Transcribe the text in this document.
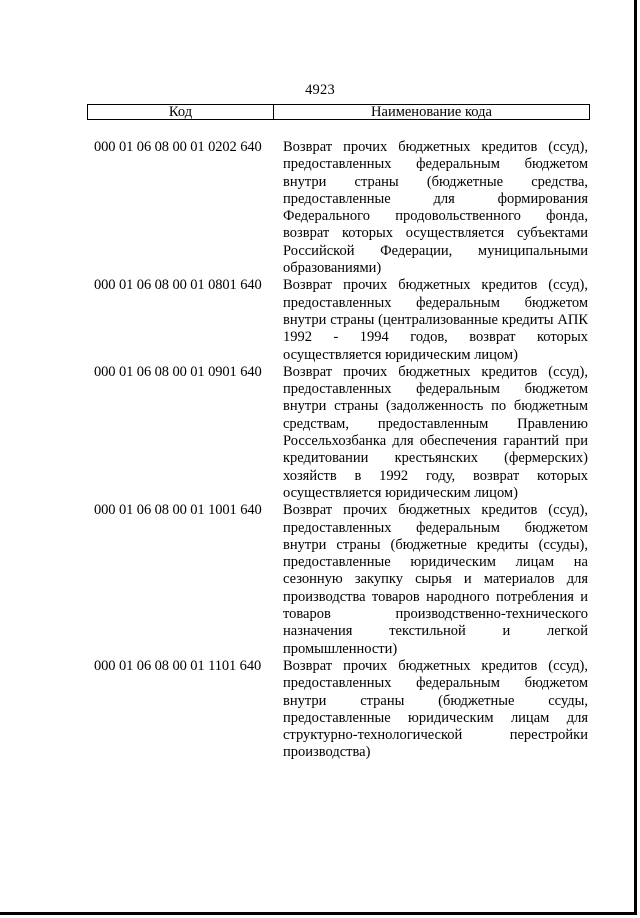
4923
Код	Наименование кода
000 01 06 08 00 01 0202 640	Возврат прочих бюджетных кредитов (ссуд),
предоставленных федеральным бюджетом
внутри страны (бюджетные средства,
предоставленные для формирования
Федерального продовольственного фонда,
возврат которых осуществляется субъектами
Российской Федерации, муниципальными
образованиями)
000 01 06 08 00 01 0801 640	Возврат прочих бюджетных кредитов (ссуд),
предоставленных федеральным бюджетом
внутри страны (централизованные кредиты АПК
1992 - 1994 годов, возврат которых
осуществляется юридическим лицом)
000 01 06 08 00 01 0901 640	Возврат прочих бюджетных кредитов (ссуд),
предоставленных федеральным бюджетом
внутри страны (задолженность по бюджетным
средствам, предоставленным Правлению
Россельхозбанка для обеспечения гарантий при
кредитовании крестьянских (фермерских)
хозяйств в 1992 году, возврат которых
осуществляется юридическим лицом)
000 01 06 08 00 01 1001 640	Возврат прочих бюджетных кредитов (ссуд),
предоставленных федеральным бюджетом
внутри страны (бюджетные кредиты (ссуды),
предоставленные юридическим лицам на
сезонную закупку сырья и материалов для
производства товаров народного потребления и
товаров производственно-технического
назначения текстильной и легкой
промышленности)
000 01 06 08 00 01 1101 640	Возврат прочих бюджетных кредитов (ссуд),
предоставленных федеральным бюджетом
внутри страны (бюджетные ссуды,
предоставленные юридическим лицам для
структурно-технологической перестройки
производства)
